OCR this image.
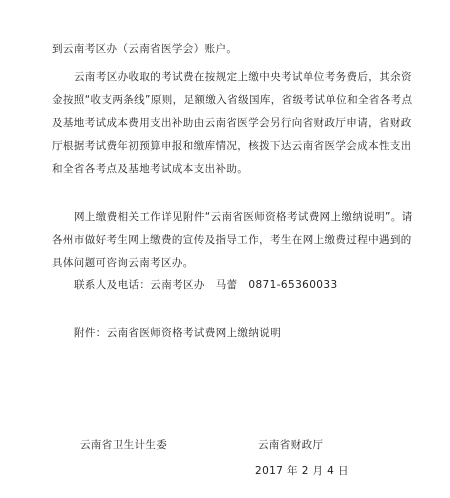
到云南考区办（云南省医学会）账户。

云南考区办收取的考试费在按规定上缴中央考试单位考务费后，其余资金按照“收支两条线”原则，足额缴入省级国库，省级考试单位和全省各考点及基地考试成本费用支出补助由云南省医学会另行向省财政厅申请，省财政厅根据考试费年初预算申报和缴库情况，核拨下达云南省医学会成本性支出和全省各考点及基地考试成本支出补助。

网上缴费相关工作详见附件“云南省医师资格考试费网上缴纳说明”。请各州市做好考生网上缴费的宣传及指导工作，考生在网上缴费过程中遇到的具体问题可咨询云南考区办。

联系人及电话：云南考区办　马蕾　0871-65360033
附件：云南省医师资格考试费网上缴纳说明
云南省卫生计生委	云南省财政厅
2017 年 2 月 4 日
